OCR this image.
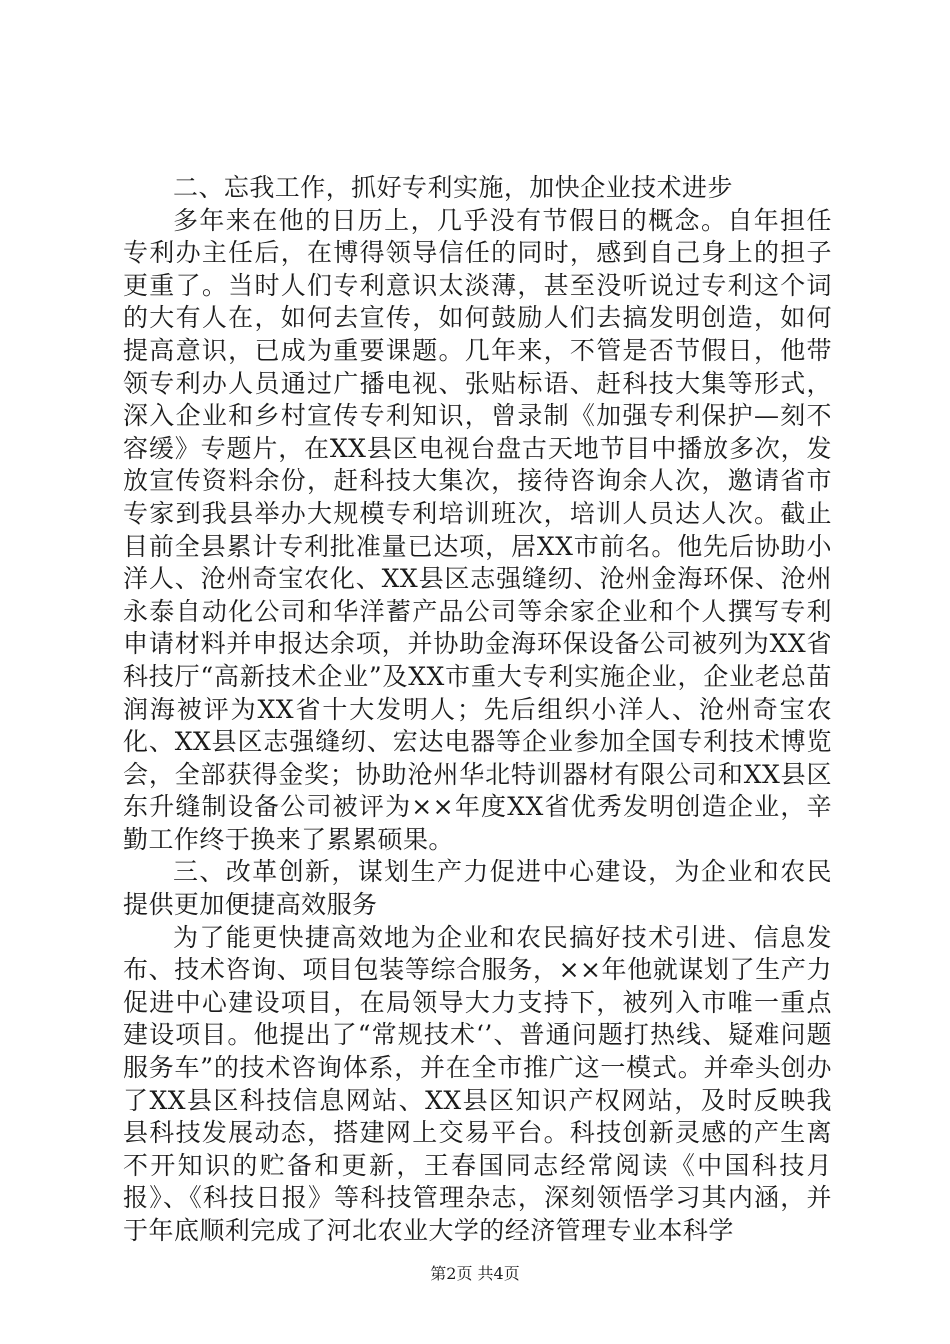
二、忘我工作，抓好专利实施，加快企业技术进步

多年来在他的日历上，几乎没有节假日的概念。自年担任专利办主任后，在博得领导信任的同时，感到自己身上的担子更重了。当时人们专利意识太淡薄，甚至没听说过专利这个词的大有人在，如何去宣传，如何鼓励人们去搞发明创造，如何提高意识，已成为重要课题。几年来，不管是否节假日，他带领专利办人员通过广播电视、张贴标语、赶科技大集等形式，深入企业和乡村宣传专利知识，曾录制《加强专利保护—刻不容缓》专题片，在XX县区电视台盘古天地节目中播放多次，发放宣传资料余份，赶科技大集次，接待咨询余人次，邀请省市专家到我县举办大规模专利培训班次，培训人员达人次。截止目前全县累计专利批准量已达项，居XX市前名。他先后协助小洋人、沧州奇宝农化、XX县区志强缝纫、沧州金海环保、沧州永泰自动化公司和华洋蓄产品公司等余家企业和个人撰写专利申请材料并申报达余项，并协助金海环保设备公司被列为XX省科技厅“高新技术企业”及XX市重大专利实施企业，企业老总苗润海被评为XX省十大发明人；先后组织小洋人、沧州奇宝农化、XX县区志强缝纫、宏达电器等企业参加全国专利技术博览会，全部获得金奖；协助沧州华北特训器材有限公司和XX县区东升缝制设备公司被评为××年度XX省优秀发明创造企业，辛勤工作终于换来了累累硕果。

三、改革创新，谋划生产力促进中心建设，为企业和农民提供更加便捷高效服务

为了能更快捷高效地为企业和农民搞好技术引进、信息发布、技术咨询、项目包装等综合服务，××年他就谋划了生产力促进中心建设项目，在局领导大力支持下，被列入市唯一重点建设项目。他提出了“常规技术‘’、普通问题打热线、疑难问题服务车”的技术咨询体系，并在全市推广这一模式。并牵头创办了XX县区科技信息网站、XX县区知识产权网站，及时反映我县科技发展动态，搭建网上交易平台。科技创新灵感的产生离不开知识的贮备和更新，王春国同志经常阅读《中国科技月报》、《科技日报》等科技管理杂志，深刻领悟学习其内涵，并于年底顺利完成了河北农业大学的经济管理专业本科学

第2页 共4页
